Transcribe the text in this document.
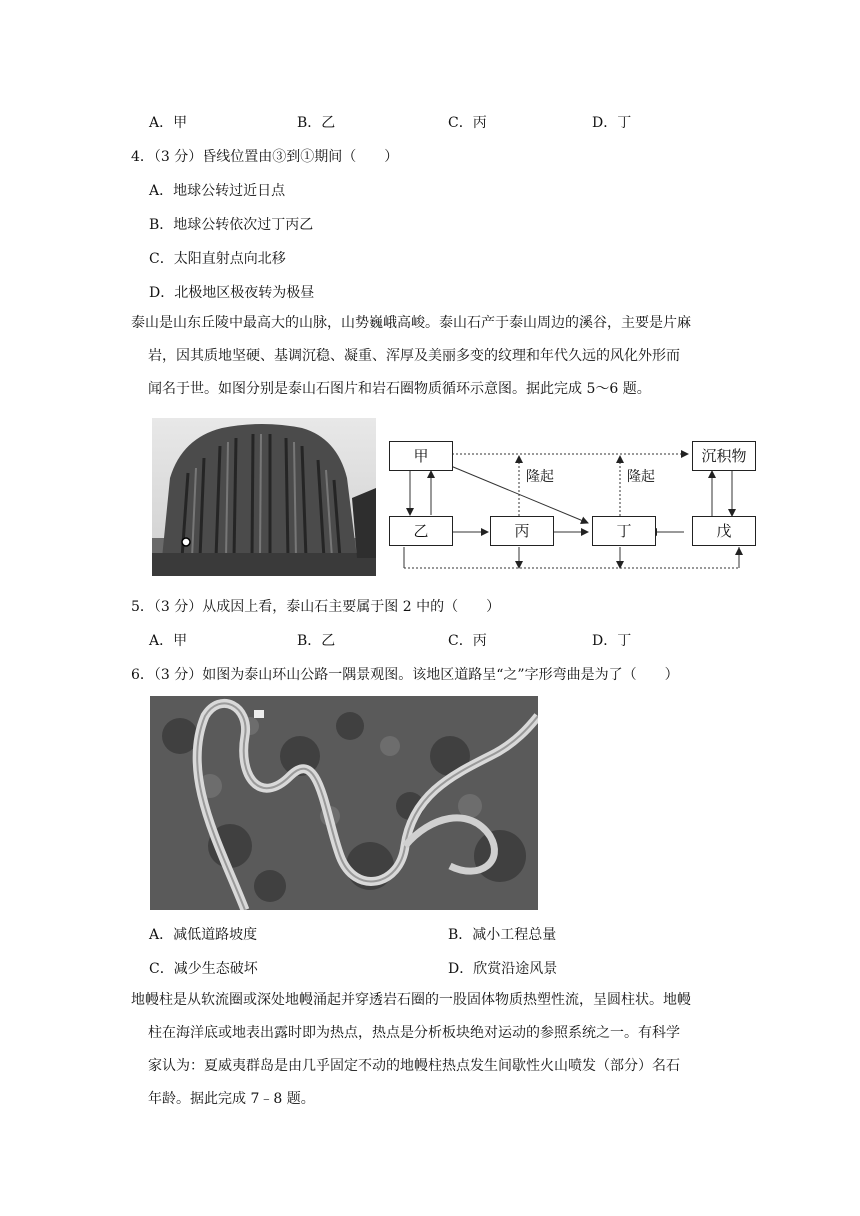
A．甲	B．乙	C．丙	D．丁
4．（3 分）昏线位置由③到①期间（　　）
A．地球公转过近日点
B．地球公转依次过丁丙乙
C．太阳直射点向北移
D．北极地区极夜转为极昼
泰山是山东丘陵中最高大的山脉，山势巍峨高峻。泰山石产于泰山周边的溪谷，主要是片麻
岩，因其质地坚硬、基调沉稳、凝重、浑厚及美丽多变的纹理和年代久远的风化外形而
闻名于世。如图分别是泰山石图片和岩石圈物质循环示意图。据此完成 5～6 题。
甲	沉积物
乙	丙	丁	戊
隆起	隆起
5．（3 分）从成因上看，泰山石主要属于图 2 中的（　　）
A．甲	B．乙	C．丙	D．丁
6．（3 分）如图为泰山环山公路一隅景观图。该地区道路呈“之”字形弯曲是为了（　　）
A．减低道路坡度	B．减小工程总量
C．减少生态破坏	D．欣赏沿途风景
地幔柱是从软流圈或深处地幔涌起并穿透岩石圈的一股固体物质热塑性流，呈圆柱状。地幔
柱在海洋底或地表出露时即为热点，热点是分析板块绝对运动的参照系统之一。有科学
家认为：夏威夷群岛是由几乎固定不动的地幔柱热点发生间歇性火山喷发（部分）名石
年龄。据此完成 7﹣8 题。
